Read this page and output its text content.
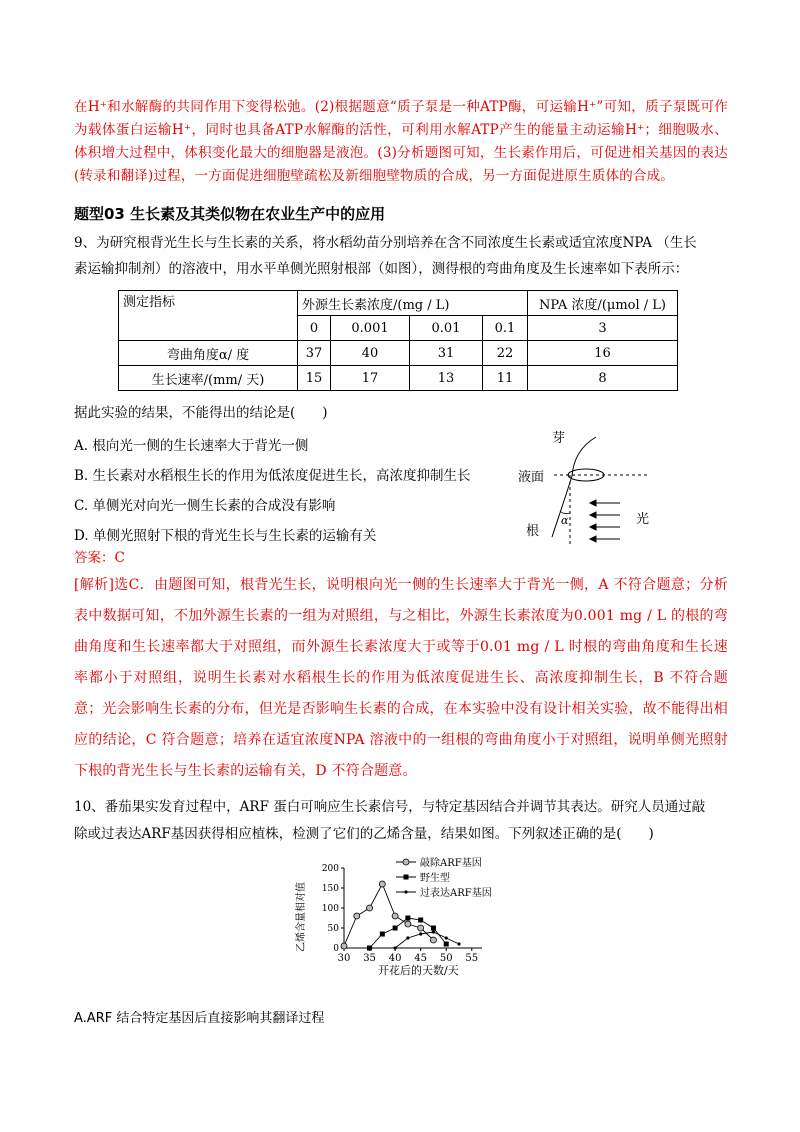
在H⁺和水解酶的共同作用下变得松弛。(2)根据题意“质子泵是一种ATP酶，可运输H⁺”可知，质子泵既可作为载体蛋白运输H⁺，同时也具备ATP水解酶的活性，可利用水解ATP产生的能量主动运输H⁺；细胞吸水、体积增大过程中，体积变化最大的细胞器是液泡。(3)分析题图可知，生长素作用后，可促进相关基因的表达(转录和翻译)过程，一方面促进细胞壁疏松及新细胞壁物质的合成，另一方面促进原生质体的合成。
题型03 生长素及其类似物在农业生产中的应用
9、为研究根背光生长与生长素的关系，将水稻幼苗分别培养在含不同浓度生长素或适宜浓度NPA （生长
素运输抑制剂）的溶液中，用水平单侧光照射根部（如图），测得根的弯曲角度及生长速率如下表所示：
测定指标	外源生长素浓度/(mg / L)				NPA 浓度/(μmol / L)
	0	0.001	0.01	0.1	3
弯曲角度α/ 度	37	40	31	22	16
生长速率/(mm/ 天)	15	17	13	11	8
据此实验的结果，不能得出的结论是(　　)
A. 根向光一侧的生长速率大于背光一侧
B. 生长素对水稻根生长的作用为低浓度促进生长，高浓度抑制生长
C. 单侧光对向光一侧生长素的合成没有影响
D. 单侧光照射下根的背光生长与生长素的运输有关
芽
液面
α
根
光
答案：C
[解析]选C．由题图可知，根背光生长，说明根向光一侧的生长速率大于背光一侧，A 不符合题意；分析表中数据可知，不加外源生长素的一组为对照组，与之相比，外源生长素浓度为0.001 mg / L 的根的弯曲角度和生长速率都大于对照组，而外源生长素浓度大于或等于0.01 mg / L 时根的弯曲角度和生长速率都小于对照组，说明生长素对水稻根生长的作用为低浓度促进生长、高浓度抑制生长，B 不符合题意；光会影响生长素的分布，但光是否影响生长素的合成，在本实验中没有设计相关实验，故不能得出相应的结论，C 符合题意；培养在适宜浓度NPA 溶液中的一组根的弯曲角度小于对照组，说明单侧光照射下根的背光生长与生长素的运输有关，D 不符合题意。
10、番茄果实发育过程中，ARF 蛋白可响应生长素信号，与特定基因结合并调节其表达。研究人员通过敲
除或过表达ARF基因获得相应植株，检测了它们的乙烯含量，结果如图。下列叙述正确的是(　　)
乙烯含量相对值
开花后的天数/天
30 35 40 45 50 55
0
50
100
150
200	敲除ARF基因
野生型
过表达ARF基因
A.ARF 结合特定基因后直接影响其翻译过程
